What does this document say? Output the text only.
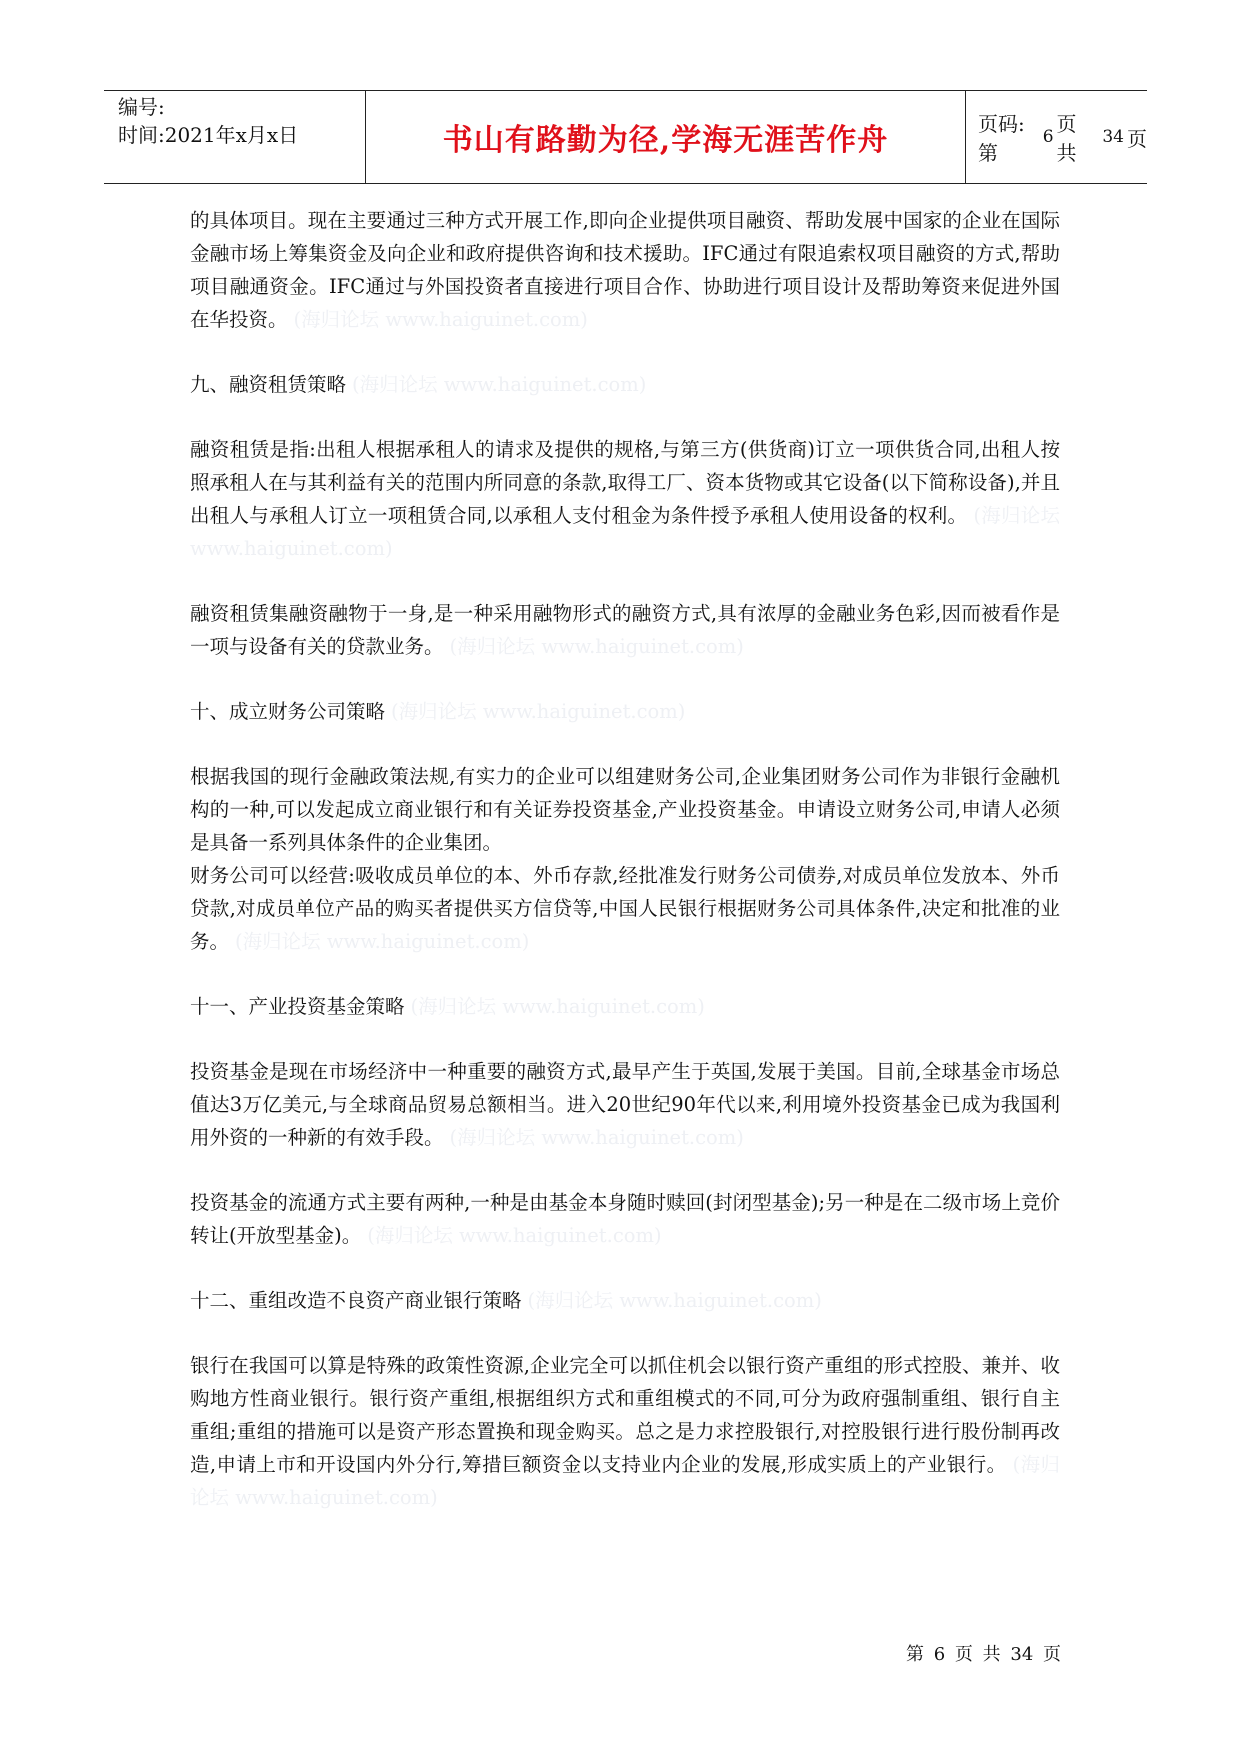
编号:
时间:2021年x月x日	书山有路勤为径,学海无涯苦作舟	页码:第
6
页 共
34 页

的具体项目。现在主要通过三种方式开展工作,即向企业提供项目融资、帮助发展中国家的企业在国际金融市场上筹集资金及向企业和政府提供咨询和技术援助。IFC通过有限追索权项目融资的方式,帮助项目融通资金。IFC通过与外国投资者直接进行项目合作、协助进行项目设计及帮助筹资来促进外国在华投资。 (海归论坛 www.haiguinet.com)

九、融资租赁策略 (海归论坛 www.haiguinet.com)

融资租赁是指:出租人根据承租人的请求及提供的规格,与第三方(供货商)订立一项供货合同,出租人按照承租人在与其利益有关的范围内所同意的条款,取得工厂、资本货物或其它设备(以下简称设备),并且出租人与承租人订立一项租赁合同,以承租人支付租金为条件授予承租人使用设备的权利。 (海归论坛 www.haiguinet.com)

融资租赁集融资融物于一身,是一种采用融物形式的融资方式,具有浓厚的金融业务色彩,因而被看作是一项与设备有关的贷款业务。 (海归论坛 www.haiguinet.com)

十、成立财务公司策略 (海归论坛 www.haiguinet.com)

根据我国的现行金融政策法规,有实力的企业可以组建财务公司,企业集团财务公司作为非银行金融机构的一种,可以发起成立商业银行和有关证券投资基金,产业投资基金。申请设立财务公司,申请人必须是具备一系列具体条件的企业集团。

财务公司可以经营:吸收成员单位的本、外币存款,经批准发行财务公司债券,对成员单位发放本、外币贷款,对成员单位产品的购买者提供买方信贷等,中国人民银行根据财务公司具体条件,决定和批准的业务。 (海归论坛 www.haiguinet.com)

十一、产业投资基金策略 (海归论坛 www.haiguinet.com)

投资基金是现在市场经济中一种重要的融资方式,最早产生于英国,发展于美国。目前,全球基金市场总值达3万亿美元,与全球商品贸易总额相当。进入20世纪90年代以来,利用境外投资基金已成为我国利用外资的一种新的有效手段。 (海归论坛 www.haiguinet.com)

投资基金的流通方式主要有两种,一种是由基金本身随时赎回(封闭型基金);另一种是在二级市场上竞价转让(开放型基金)。 (海归论坛 www.haiguinet.com)

十二、重组改造不良资产商业银行策略 (海归论坛 www.haiguinet.com)

银行在我国可以算是特殊的政策性资源,企业完全可以抓住机会以银行资产重组的形式控股、兼并、收购地方性商业银行。银行资产重组,根据组织方式和重组模式的不同,可分为政府强制重组、银行自主重组;重组的措施可以是资产形态置换和现金购买。总之是力求控股银行,对控股银行进行股份制再改造,申请上市和开设国内外分行,筹措巨额资金以支持业内企业的发展,形成实质上的产业银行。 (海归论坛 www.haiguinet.com)

第 6 页 共 34 页
